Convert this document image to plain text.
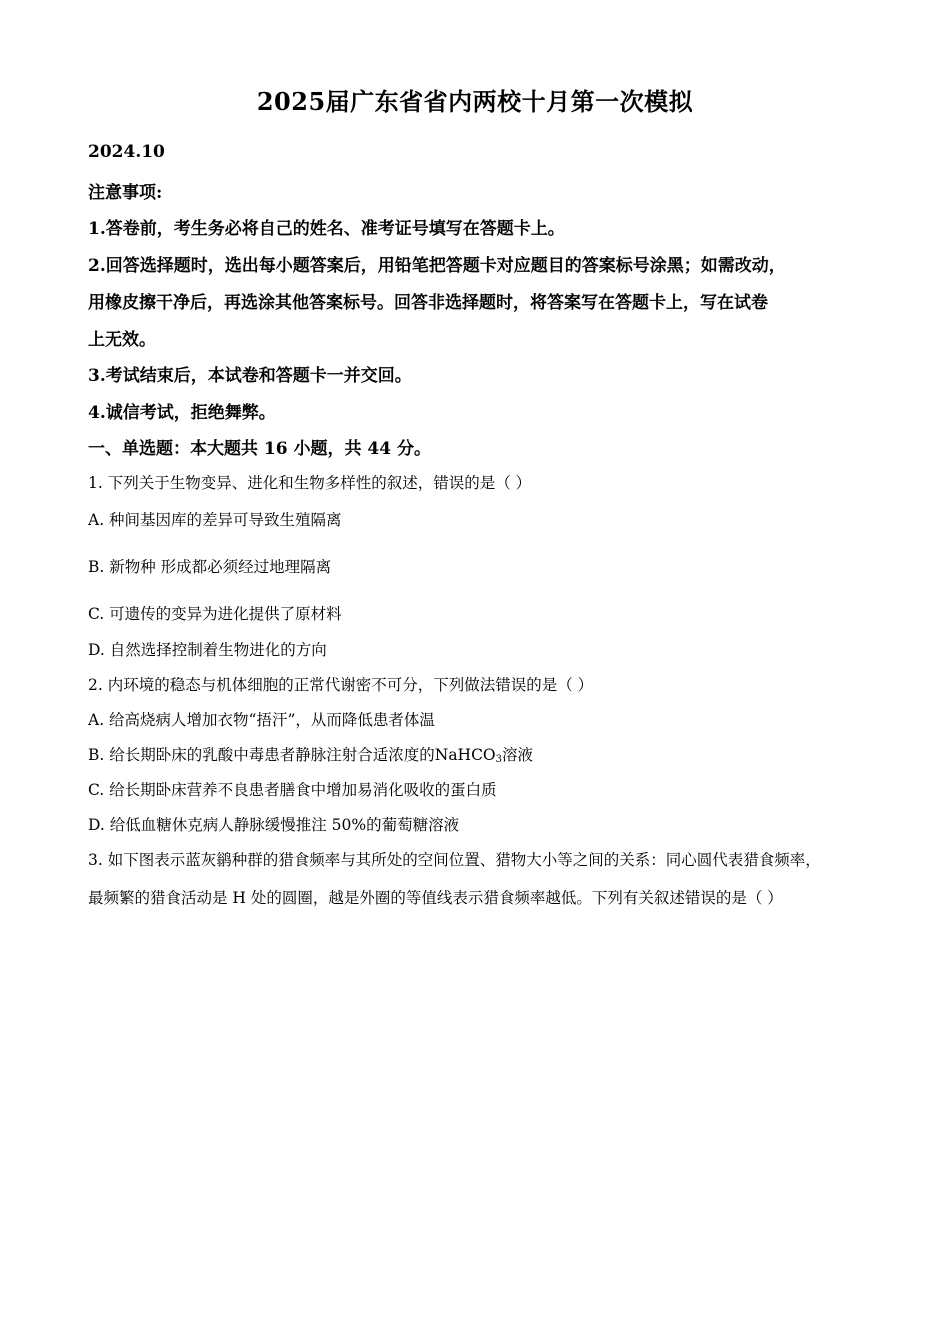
2025届广东省省内两校十月第一次模拟
2024.10
注意事项:
1.答卷前，考生务必将自己的姓名、准考证号填写在答题卡上。
2.回答选择题时，选出每小题答案后，用铅笔把答题卡对应题目的答案标号涂黑；如需改动，
用橡皮擦干净后，再选涂其他答案标号。回答非选择题时，将答案写在答题卡上，写在试卷
上无效。
3.考试结束后，本试卷和答题卡一并交回。
4.诚信考试，拒绝舞弊。
一、单选题：本大题共 16 小题，共 44 分。
1. 下列关于生物变异、进化和生物多样性的叙述，错误的是（ ）
A. 种间基因库的差异可导致生殖隔离
B. 新物种 形成都必须经过地理隔离
C. 可遗传的变异为进化提供了原材料
D. 自然选择控制着生物进化的方向
2. 内环境的稳态与机体细胞的正常代谢密不可分，下列做法错误的是（ ）
A. 给高烧病人增加衣物“捂汗”，从而降低患者体温
B. 给长期卧床的乳酸中毒患者静脉注射合适浓度的NaHCO$_3$溶液
C. 给长期卧床营养不良患者膳食中增加易消化吸收的蛋白质
D. 给低血糖休克病人静脉缓慢推注 50%的葡萄糖溶液
3. 如下图表示蓝灰鹟种群的猎食频率与其所处的空间位置、猎物大小等之间的关系：同心圆代表猎食频率，
最频繁的猎食活动是 H 处的圆圈，越是外圈的等值线表示猎食频率越低。下列有关叙述错误的是（ ）
